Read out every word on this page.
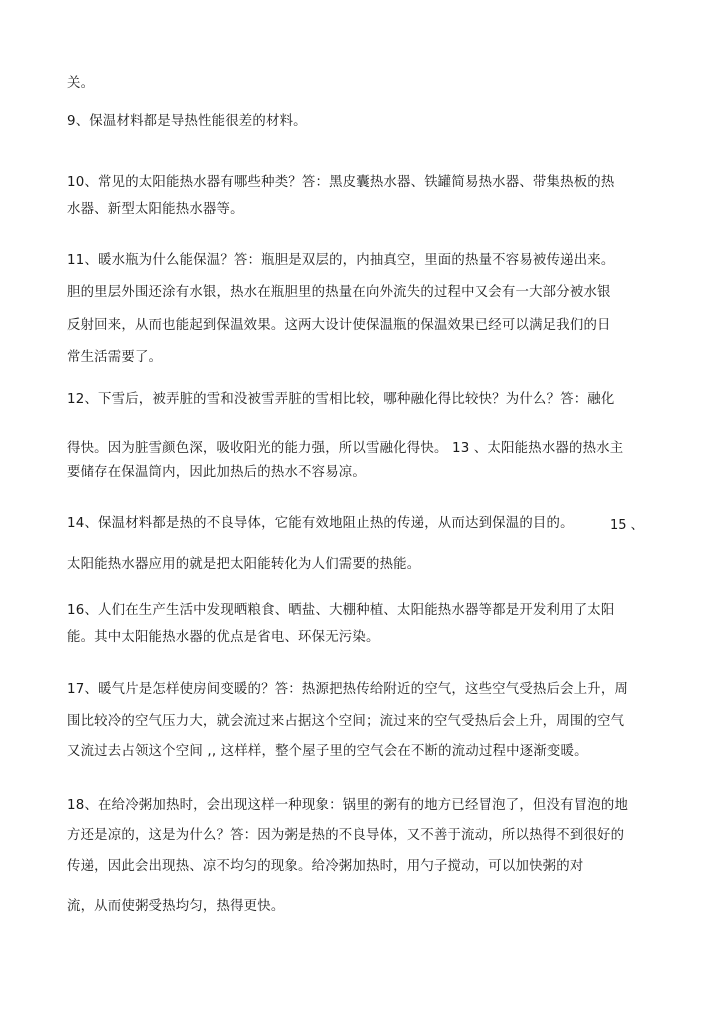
关。
9、保温材料都是导热性能很差的材料。
10、常见的太阳能热水器有哪些种类？答：黑皮囊热水器、铁罐简易热水器、带集热板的热
水器、新型太阳能热水器等。
11、暖水瓶为什么能保温？答：瓶胆是双层的，内抽真空，里面的热量不容易被传递出来。
胆的里层外围还涂有水银，热水在瓶胆里的热量在向外流失的过程中又会有一大部分被水银
反射回来，从而也能起到保温效果。这两大设计使保温瓶的保温效果已经可以满足我们的日
常生活需要了。
12、下雪后，被弄脏的雪和没被雪弄脏的雪相比较，哪种融化得比较快？为什么？答：融化
得快。因为脏雪颜色深，吸收阳光的能力强，所以雪融化得快。 13 、太阳能热水器的热水主
要储存在保温筒内，因此加热后的热水不容易凉。
14、保温材料都是热的不良导体，它能有效地阻止热的传递，从而达到保温的目的。	15 、
太阳能热水器应用的就是把太阳能转化为人们需要的热能。
16、人们在生产生活中发现晒粮食、晒盐、大棚种植、太阳能热水器等都是开发利用了太阳
能。其中太阳能热水器的优点是省电、环保无污染。
17、暖气片是怎样使房间变暖的？答：热源把热传给附近的空气，这些空气受热后会上升，周
围比较冷的空气压力大，就会流过来占据这个空间；流过来的空气受热后会上升，周围的空气
又流过去占领这个空间 ,, 这样样，整个屋子里的空气会在不断的流动过程中逐渐变暖。
18、在给冷粥加热时，会出现这样一种现象：锅里的粥有的地方已经冒泡了，但没有冒泡的地
方还是凉的，这是为什么？答：因为粥是热的不良导体，又不善于流动，所以热得不到很好的
传递，因此会出现热、凉不均匀的现象。给冷粥加热时，用勺子搅动，可以加快粥的对
流，从而使粥受热均匀，热得更快。
